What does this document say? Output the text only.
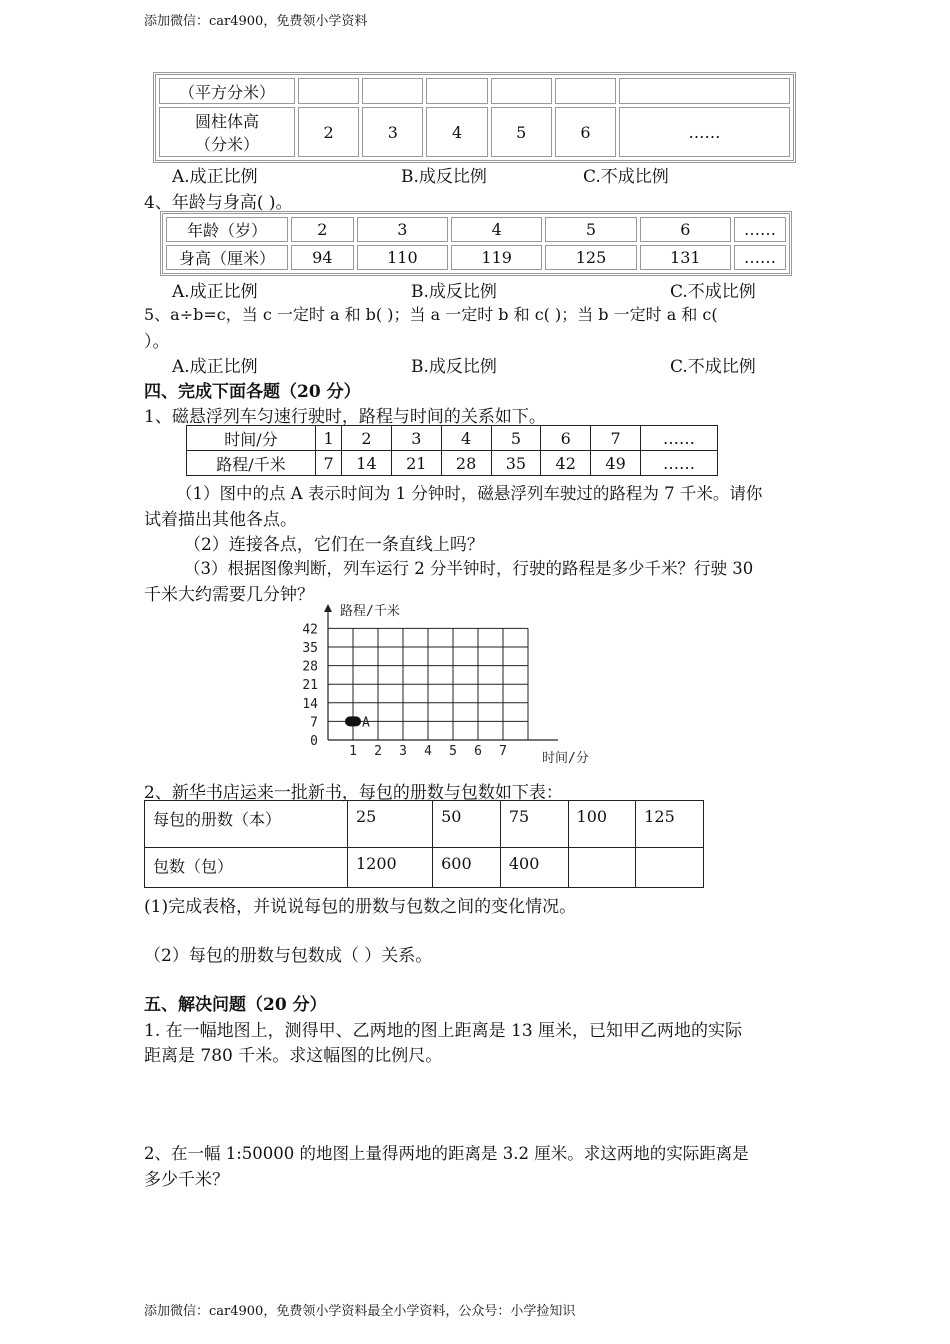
添加微信：car4900，免费领小学资料
（平方分米）						
圆柱体高
（分米）	2	3	4	5	6	……
A.成正比例	B.成反比例	C.不成比例
4、年龄与身高( )。
年龄（岁）	2	3	4	5	6	……
身高（厘米）	94	110	119	125	131	……
A.成正比例	B.成反比例	C.不成比例
5、a÷b=c，当 c 一定时 a 和 b( )；当 a 一定时 b 和 c( )；当 b 一定时 a 和 c(
）。
A.成正比例	B.成反比例	C.不成比例
四、完成下面各题（20 分）
1、磁悬浮列车匀速行驶时，路程与时间的关系如下。
时间/分	1	2	3	4	5	6	7	……
路程/千米	7	14	21	28	35	42	49	……
（1）图中的点 A 表示时间为 1 分钟时，磁悬浮列车驶过的路程为 7 千米。请你
试着描出其他各点。
（2）连接各点，它们在一条直线上吗？
（3）根据图像判断，列车运行 2 分半钟时，行驶的路程是多少千米？行驶 30
千米大约需要几分钟？
路程/千米
时间/分
0
7
14
21
28
35
42
1 2 3 4 5 6 7
A
2、新华书店运来一批新书，每包的册数与包数如下表：
每包的册数（本）	25	50	75	100	125
包数（包）	1200	600	400		
(1)完成表格，并说说每包的册数与包数之间的变化情况。
（2）每包的册数与包数成（ ）关系。
五、解决问题（20 分）
1. 在一幅地图上，测得甲、乙两地的图上距离是 13 厘米，已知甲乙两地的实际
距离是 780 千米。求这幅图的比例尺。
2、在一幅 1:50000 的地图上量得两地的距离是 3.2 厘米。求这两地的实际距离是
多少千米？
添加微信：car4900，免费领小学资料最全小学资料，公众号：小学捡知识
